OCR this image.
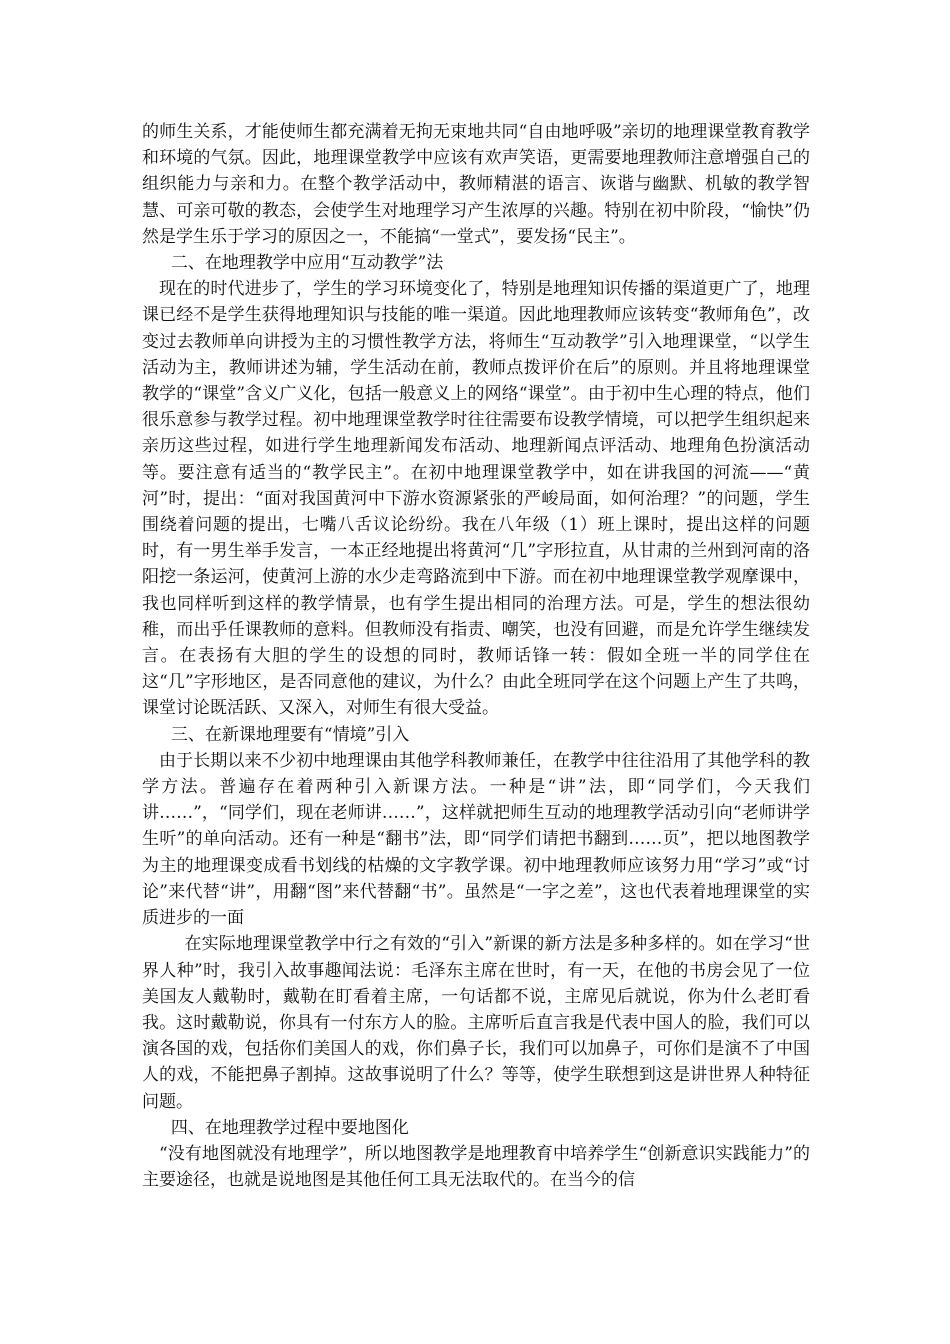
的师生关系，才能使师生都充满着无拘无束地共同“自由地呼吸”亲切的地理课堂教育教学和环境的气氛。因此，地理课堂教学中应该有欢声笑语，更需要地理教师注意增强自己的组织能力与亲和力。在整个教学活动中，教师精湛的语言、诙谐与幽默、机敏的教学智慧、可亲可敬的教态，会使学生对地理学习产生浓厚的兴趣。特别在初中阶段，“愉快”仍然是学生乐于学习的原因之一，不能搞“一堂式”，要发扬“民主”。

二、在地理教学中应用“互动教学”法

现在的时代进步了，学生的学习环境变化了，特别是地理知识传播的渠道更广了，地理课已经不是学生获得地理知识与技能的唯一渠道。因此地理教师应该转变“教师角色”，改变过去教师单向讲授为主的习惯性教学方法，将师生“互动教学”引入地理课堂，“以学生活动为主，教师讲述为辅，学生活动在前，教师点拨评价在后”的原则。并且将地理课堂教学的“课堂”含义广义化，包括一般意义上的网络“课堂”。由于初中生心理的特点，他们很乐意参与教学过程。初中地理课堂教学时往往需要布设教学情境，可以把学生组织起来亲历这些过程，如进行学生地理新闻发布活动、地理新闻点评活动、地理角色扮演活动等。要注意有适当的“教学民主”。在初中地理课堂教学中，如在讲我国的河流——“黄河”时，提出：“面对我国黄河中下游水资源紧张的严峻局面，如何治理？”的问题，学生围绕着问题的提出，七嘴八舌议论纷纷。我在八年级（1）班上课时，提出这样的问题时，有一男生举手发言，一本正经地提出将黄河“几”字形拉直，从甘肃的兰州到河南的洛阳挖一条运河，使黄河上游的水少走弯路流到中下游。而在初中地理课堂教学观摩课中，我也同样听到这样的教学情景，也有学生提出相同的治理方法。可是，学生的想法很幼稚，而出乎任课教师的意料。但教师没有指责、嘲笑，也没有回避，而是允许学生继续发言。在表扬有大胆的学生的设想的同时，教师话锋一转：假如全班一半的同学住在这“几”字形地区，是否同意他的建议，为什么？由此全班同学在这个问题上产生了共鸣，课堂讨论既活跃、又深入，对师生有很大受益。

三、在新课地理要有“情境”引入

由于长期以来不少初中地理课由其他学科教师兼任，在教学中往往沿用了其他学科的教学方法。普遍存在着两种引入新课方法。一种是“讲”法，即“同学们，今天我们讲……”，“同学们，现在老师讲……”，这样就把师生互动的地理教学活动引向“老师讲学生听”的单向活动。还有一种是“翻书”法，即“同学们请把书翻到……页”，把以地图教学为主的地理课变成看书划线的枯燥的文字教学课。初中地理教师应该努力用“学习”或“讨论”来代替“讲”，用翻“图”来代替翻“书”。虽然是“一字之差”，这也代表着地理课堂的实质进步的一面

在实际地理课堂教学中行之有效的“引入”新课的新方法是多种多样的。如在学习“世界人种”时，我引入故事趣闻法说：毛泽东主席在世时，有一天，在他的书房会见了一位美国友人戴勒时，戴勒在盯看着主席，一句话都不说，主席见后就说，你为什么老盯看我。这时戴勒说，你具有一付东方人的脸。主席听后直言我是代表中国人的脸，我们可以演各国的戏，包括你们美国人的戏，你们鼻子长，我们可以加鼻子，可你们是演不了中国人的戏，不能把鼻子割掉。这故事说明了什么？等等，使学生联想到这是讲世界人种特征问题。

四、在地理教学过程中要地图化

“没有地图就没有地理学”，所以地图教学是地理教育中培养学生“创新意识实践能力”的主要途径，也就是说地图是其他任何工具无法取代的。在当今的信
